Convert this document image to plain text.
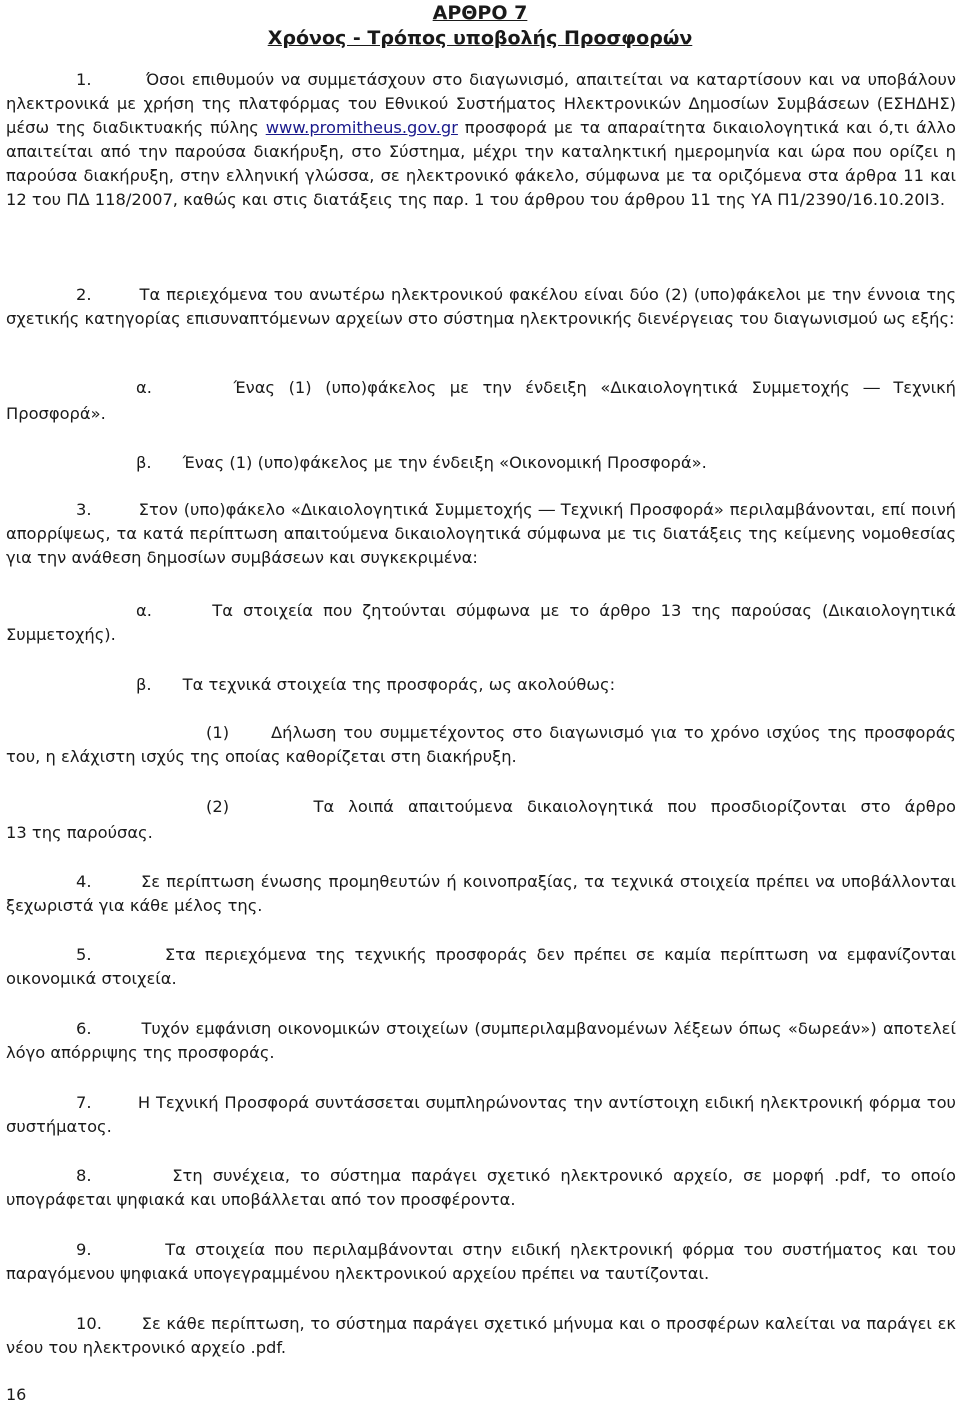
ΑΡΘΡΟ 7
Χρόνος - Τρόπος υποβολής Προσφορών

1.	Όσοι επιθυμούν να συμμετάσχουν στο διαγωνισμό, απαιτείται να καταρτίσουν και να υποβάλουν ηλεκτρονικά με χρήση της πλατφόρμας του Εθνικού Συστήματος Ηλεκτρονικών Δημοσίων Συμβάσεων (ΕΣΗΔΗΣ) μέσω της διαδικτυακής πύλης www.promitheus.gov.gr προσφορά με τα απαραίτητα δικαιολογητικά και ό,τι άλλο απαιτείται από την παρούσα διακήρυξη, στο Σύστημα, μέχρι την καταληκτική ημερομηνία και ώρα που ορίζει η παρούσα διακήρυξη, στην ελληνική γλώσσα, σε ηλεκτρονικό φάκελο, σύμφωνα με τα οριζόμενα στα άρθρα 11 και 12 του ΠΔ 118/2007, καθώς και στις διατάξεις της παρ. 1 του άρθρου του άρθρου 11 της ΥΑ Π1/2390/16.10.20Ι3.

2.	Τα περιεχόμενα του ανωτέρω ηλεκτρονικού φακέλου είναι δύο (2) (υπο)φάκελοι με την έννοια της σχετικής κατηγορίας επισυναπτόμενων αρχείων στο σύστημα ηλεκτρονικής διενέργειας του διαγωνισμού ως εξής:

α.	Ένας (1) (υπο)φάκελος με την ένδειξη «Δικαιολογητικά Συμμετοχής ― Τεχνική

Προσφορά».

β. Ένας (1) (υπο)φάκελος με την ένδειξη «Οικονομική Προσφορά».

3.	Στον (υπο)φάκελο «Δικαιολογητικά Συμμετοχής ― Τεχνική Προσφορά» περιλαμβάνονται, επί ποινή απορρίψεως, τα κατά περίπτωση απαιτούμενα δικαιολογητικά σύμφωνα με τις διατάξεις της κείμενης νομοθεσίας για την ανάθεση δημοσίων συμβάσεων και συγκεκριμένα:

α.	Τα στοιχεία που ζητούνται σύμφωνα με το άρθρο 13 της παρούσας (Δικαιολογητικά Συμμετοχής).

β. Τα τεχνικά στοιχεία της προσφοράς, ως ακολούθως:

(1)	Δήλωση του συμμετέχοντος στο διαγωνισμό για το χρόνο ισχύος της προσφοράς του, η ελάχιστη ισχύς της οποίας καθορίζεται στη διακήρυξη.

(2)	Τα λοιπά απαιτούμενα δικαιολογητικά που προσδιορίζονται στο άρθρο

13 της παρούσας.

4.	Σε περίπτωση ένωσης προμηθευτών ή κοινοπραξίας, τα τεχνικά στοιχεία πρέπει να υποβάλλονται ξεχωριστά για κάθε μέλος της.

5.	Στα περιεχόμενα της τεχνικής προσφοράς δεν πρέπει σε καμία περίπτωση να εμφανίζονται οικονομικά στοιχεία.

6.	Τυχόν εμφάνιση οικονομικών στοιχείων (συμπεριλαμβανομένων λέξεων όπως «δωρεάν») αποτελεί λόγο απόρριψης της προσφοράς.

7.	Η Τεχνική Προσφορά συντάσσεται συμπληρώνοντας την αντίστοιχη ειδική ηλεκτρονική φόρμα του συστήματος.

8.	Στη συνέχεια, το σύστημα παράγει σχετικό ηλεκτρονικό αρχείο, σε μορφή .pdf, το οποίο υπογράφεται ψηφιακά και υποβάλλεται από τον προσφέροντα.

9.	Τα στοιχεία που περιλαμβάνονται στην ειδική ηλεκτρονική φόρμα του συστήματος και του παραγόμενου ψηφιακά υπογεγραμμένου ηλεκτρονικού αρχείου πρέπει να ταυτίζονται.

10. Σε κάθε περίπτωση, το σύστημα παράγει σχετικό μήνυμα και ο προσφέρων καλείται να παράγει εκ νέου του ηλεκτρονικό αρχείο .pdf.

16
